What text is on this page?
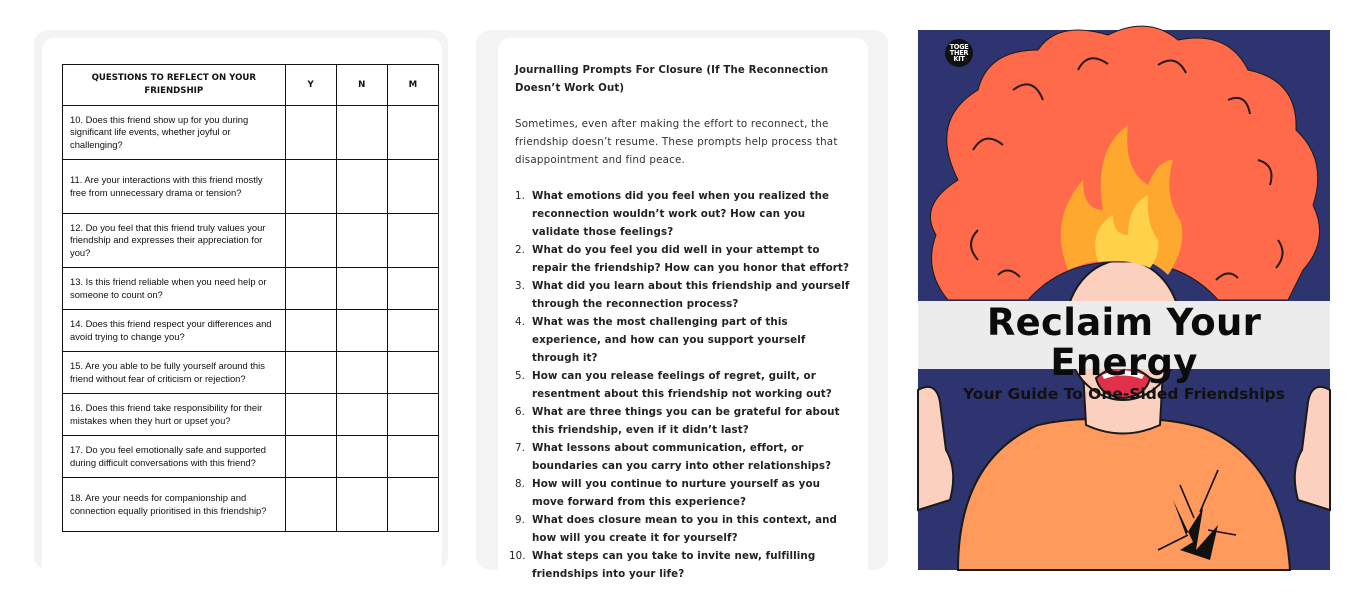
QUESTIONS TO REFLECT ON YOUR FRIENDSHIP	Y	N	M
10. Does this friend show up for you during significant life events, whether joyful or challenging?			
11. Are your interactions with this friend mostly free from unnecessary drama or tension?			
12. Do you feel that this friend truly values your friendship and expresses their appreciation for you?			
13. Is this friend reliable when you need help or someone to count on?			
14. Does this friend respect your differences and avoid trying to change you?			
15. Are you able to be fully yourself around this friend without fear of criticism or rejection?			
16. Does this friend take responsibility for their mistakes when they hurt or upset you?			
17. Do you feel emotionally safe and supported during difficult conversations with this friend?			
18. Are your needs for companionship and connection equally prioritised in this friendship?			

Journalling Prompts For Closure (If The Reconnection Doesn’t Work Out)

Sometimes, even after making the effort to reconnect, the friendship doesn’t resume. These prompts help process that disappointment and find peace.

1. What emotions did you feel when you realized the reconnection wouldn’t work out? How can you validate those feelings?
2. What do you feel you did well in your attempt to repair the friendship? How can you honor that effort?
3. What did you learn about this friendship and yourself through the reconnection process?
4. What was the most challenging part of this experience, and how can you support yourself through it?
5. How can you release feelings of regret, guilt, or resentment about this friendship not working out?
6. What are three things you can be grateful for about this friendship, even if it didn’t last?
7. What lessons about communication, effort, or boundaries can you carry into other relationships?
8. How will you continue to nurture yourself as you move forward from this experience?
9. What does closure mean to you in this context, and how will you create it for yourself?
10. What steps can you take to invite new, fulfilling friendships into your life?
TOGE
THER
KIT
Reclaim Your Energy
Your Guide To One-Sided Friendships
